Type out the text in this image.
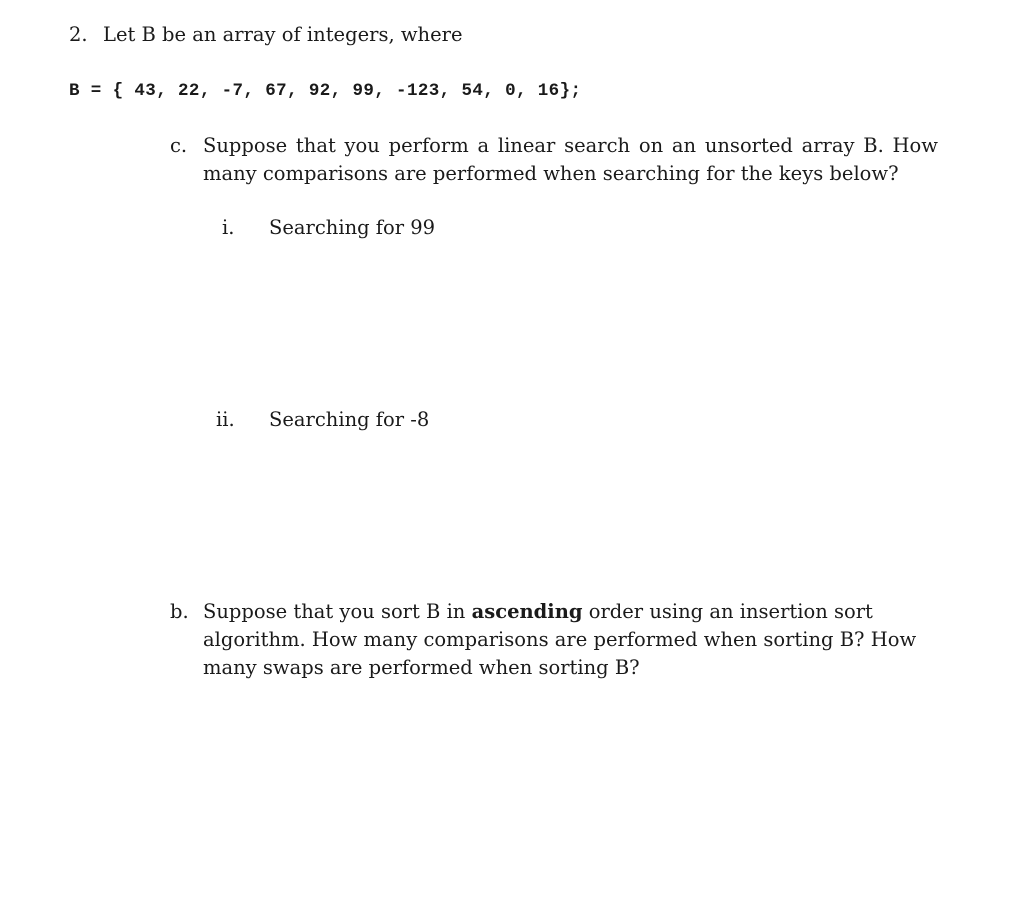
2. Let B be an array of integers, where
B = { 43, 22, -7, 67, 92, 99, -123, 54, 0, 16};
c. Suppose that you perform a linear search on an unsorted array B. How many comparisons are performed when searching for the keys below?
i. Searching for 99
ii. Searching for -8
b. Suppose that you sort B in ascending order using an insertion sort algorithm. How many comparisons are performed when sorting B? How many swaps are performed when sorting B?
